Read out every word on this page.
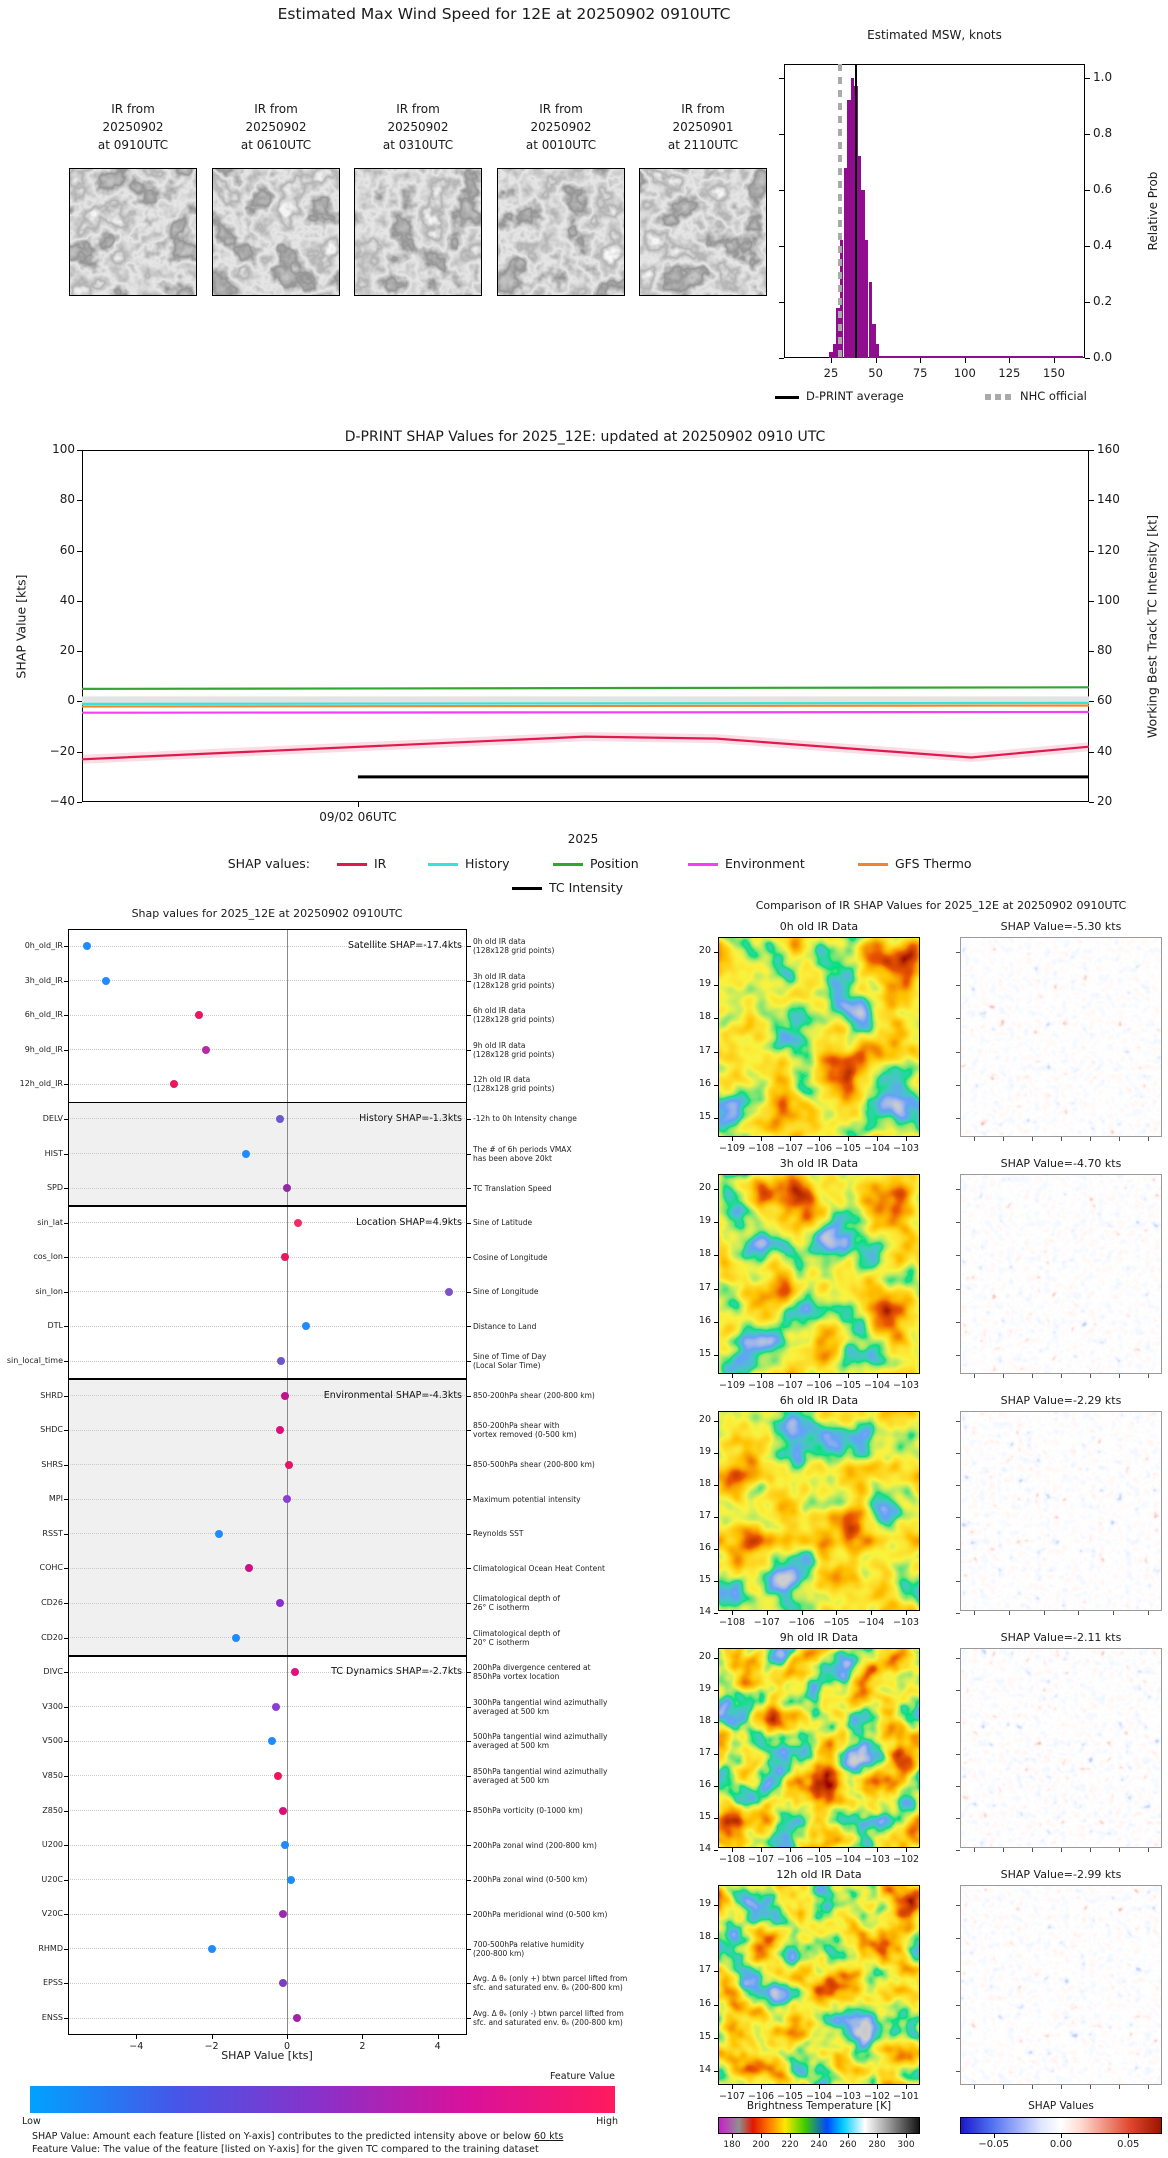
Estimated Max Wind Speed for 12E at 20250902 0910UTC
Estimated MSW, knots
Relative Prob
D-PRINT SHAP Values for 2025_12E: updated at 20250902 0910 UTC
SHAP Value [kts]	Working Best Track TC Intensity [kt]
09/02 06UTC
2025
Shap values for 2025_12E at 20250902 0910UTC
SHAP Value [kts]
Feature Value
Low	High
SHAP Value: Amount each feature [listed on Y-axis] contributes to the predicted intensity above or below 60 kts
Feature Value: The value of the feature [listed on Y-axis] for the given TC compared to the training dataset
Comparison of IR SHAP Values for 2025_12E at 20250902 0910UTC
IR from
20250902
at 0910UTC
IR from
20250902
at 0610UTC
IR from
20250902
at 0310UTC
IR from
20250902
at 0010UTC
IR from
20250901
at 2110UTC
1.0
0.8
0.6
0.4
0.2
0.0
25	50	75	100	125	150
D-PRINT average	NHC official
100	160
80	140
60	120
40	100
20	80
0	60
−20	40
−40	20
SHAP values:	IR	History	Position	Environment	GFS Thermo
TC Intensity
0h_old_IR	0h old IR data
(128x128 grid points)
3h_old_IR	3h old IR data
(128x128 grid points)
6h_old_IR	6h old IR data
(128x128 grid points)
9h_old_IR	9h old IR data
(128x128 grid points)
12h_old_IR	12h old IR data
(128x128 grid points)
DELV	-12h to 0h Intensity change
HIST	The # of 6h periods VMAX
has been above 20kt
SPD	TC Translation Speed
sin_lat	Sine of Latitude
cos_lon	Cosine of Longitude
sin_lon	Sine of Longitude
DTL	Distance to Land
sin_local_time	Sine of Time of Day
(Local Solar Time)
SHRD	850-200hPa shear (200-800 km)
SHDC	850-200hPa shear with
vortex removed (0-500 km)
SHRS	850-500hPa shear (200-800 km)
MPI	Maximum potential intensity
RSST	Reynolds SST
COHC	Climatological Ocean Heat Content
CD26	Climatological depth of
26° C isotherm
CD20	Climatological depth of
20° C isotherm
DIVC	200hPa divergence centered at
850hPa vortex location
V300	300hPa tangential wind azimuthally
averaged at 500 km
V500	500hPa tangential wind azimuthally
averaged at 500 km
V850	850hPa tangential wind azimuthally
averaged at 500 km
Z850	850hPa vorticity (0-1000 km)
U200	200hPa zonal wind (200-800 km)
U20C	200hPa zonal wind (0-500 km)
V20C	200hPa meridional wind (0-500 km)
RHMD	700-500hPa relative humidity
(200-800 km)
EPSS	Avg. Δ θₑ (only +) btwn parcel lifted from
sfc. and saturated env. θₑ (200-800 km)
ENSS	Avg. Δ θₑ (only -) btwn parcel lifted from
sfc. and saturated env. θₑ (200-800 km)
Satellite SHAP=-17.4kts
History SHAP=-1.3kts
Location SHAP=4.9kts
Environmental SHAP=-4.3kts
TC Dynamics SHAP=-2.7kts
−4	−2	0	2	4
0h old IR Data	SHAP Value=-5.30 kts
20
19
18
17
16
15
−109 −108 −107 −106 −105 −104 −103
3h old IR Data	SHAP Value=-4.70 kts
20
19
18
17
16
15
−109 −108 −107 −106 −105 −104 −103
6h old IR Data	SHAP Value=-2.29 kts
20
19
18
17
16
15
14
−108 −107 −106 −105 −104 −103
9h old IR Data	SHAP Value=-2.11 kts
20
19
18
17
16
15
14
−108 −107 −106 −105 −104 −103 −102
12h old IR Data	SHAP Value=-2.99 kts
19
18
17
16
15
14
−107 −106 −105 −104 −103 −102 −101
Brightness Temperature [K]
180	200	220	240	260	280	300
SHAP Values
−0.05	0.00	0.05
